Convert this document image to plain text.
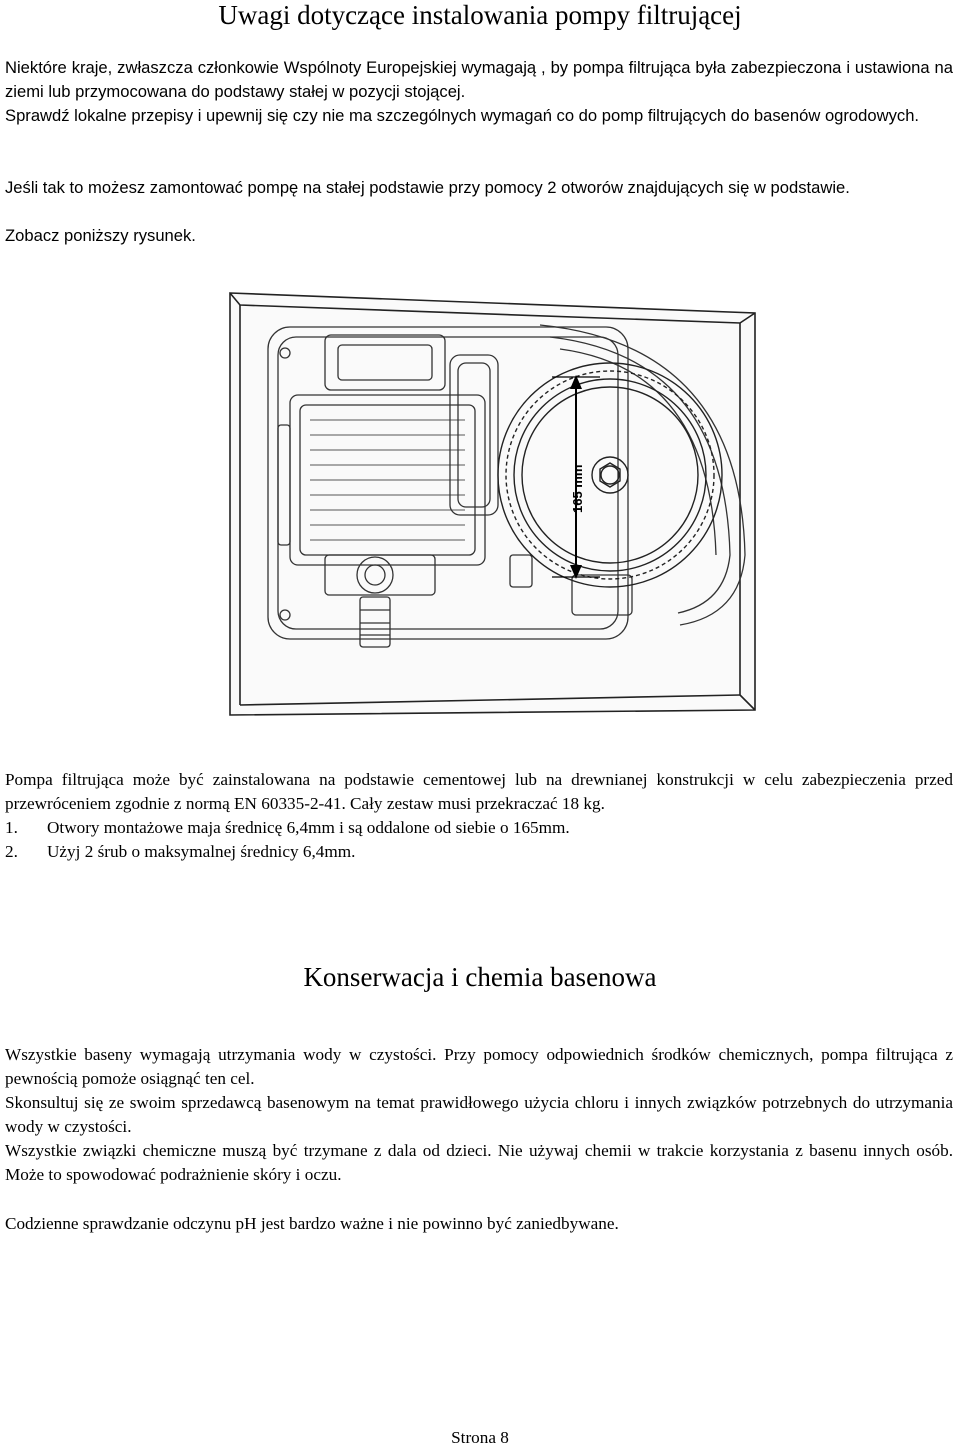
Uwagi dotyczące instalowania pompy filtrującej

Niektóre kraje, zwłaszcza członkowie Wspólnoty Europejskiej wymagają , by pompa filtrująca była zabezpieczona i ustawiona na ziemi lub przymocowana do podstawy stałej w pozycji stojącej.

Sprawdź lokalne przepisy i upewnij się czy nie ma szczególnych wymagań co do pomp filtrujących do basenów ogrodowych.

Jeśli tak to możesz zamontować pompę na stałej podstawie przy pomocy 2 otworów znajdujących się w podstawie.

Zobacz poniższy rysunek.

165 mm
Pompa filtrująca może być zainstalowana na podstawie cementowej lub na drewnianej konstrukcji w celu zabezpieczenia przed przewróceniem zgodnie z normą EN 60335-2-41. Cały zestaw musi przekraczać 18 kg.
1. Otwory montażowe maja średnicę 6,4mm i są oddalone od siebie o 165mm.
2. Użyj 2 śrub o maksymalnej średnicy 6,4mm.
Konserwacja i chemia basenowa
Wszystkie baseny wymagają utrzymania wody w czystości. Przy pomocy odpowiednich środków chemicznych, pompa filtrująca z pewnością pomoże osiągnąć ten cel.
Skonsultuj się ze swoim sprzedawcą basenowym na temat prawidłowego użycia chloru i innych związków potrzebnych do utrzymania wody w czystości.
Wszystkie związki chemiczne muszą być trzymane z dala od dzieci. Nie używaj chemii w trakcie korzystania z basenu innych osób. Może to spowodować podrażnienie skóry i oczu.

Codzienne sprawdzanie odczynu pH jest bardzo ważne i nie powinno być zaniedbywane.

Strona 8
